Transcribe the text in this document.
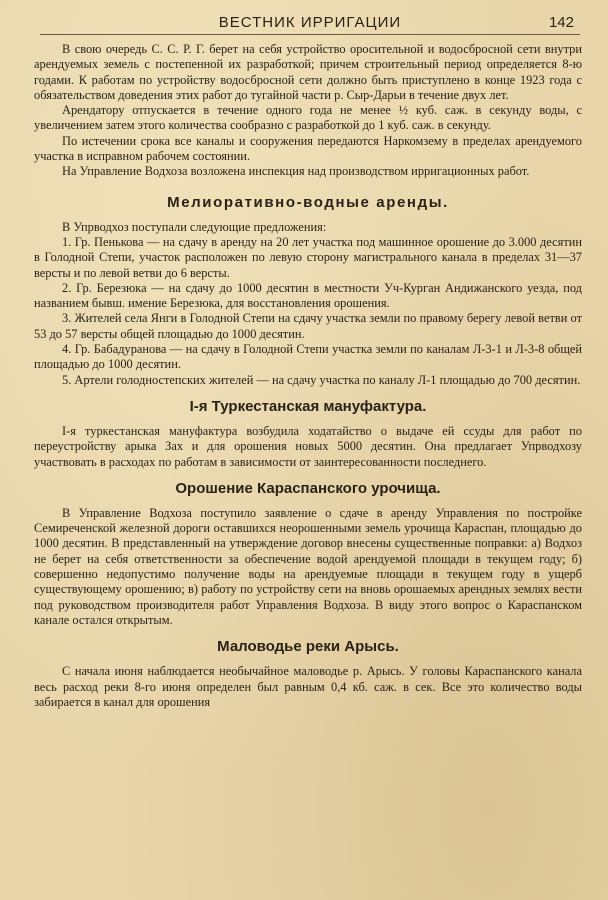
ВЕСТНИК ИРРИГАЦИИ	142

В свою очередь С. С. Р. Г. берет на себя устройство оросительной и водосбросной сети внутри арендуемых земель с постепенной их разработкой; причем строительный период определяется 8-ю годами. К работам по устройству водосбросной сети должно быть приступлено в конце 1923 года с обязательством доведения этих работ до тугайной части р. Сыр-Дарьи в течение двух лет.

Арендатору отпускается в течение одного года не менее ½ куб. саж. в секунду воды, с увеличением затем этого количества сообразно с разработкой до 1 куб. саж. в секунду.

По истечении срока все каналы и сооружения передаются Наркомзему в пределах арендуемого участка в исправном рабочем состоянии.

На Управление Водхоза возложена инспекция над производством ирригационных работ.

Мелиоративно-водные аренды.

В Упрводхоз поступали следующие предложения:

1. Гр. Пенькова — на сдачу в аренду на 20 лет участка под машинное орошение до 3.000 десятин в Голодной Степи, участок расположен по левую сторону магистрального канала в пределах 31—37 версты и по левой ветви до 6 версты.

2. Гр. Березюка — на сдачу до 1000 десятин в местности Уч-Курган Андижанского уезда, под названием бывш. имение Березюка, для восстановления орошения.

3. Жителей села Янги в Голодной Степи на сдачу участка земли по правому берегу левой ветви от 53 до 57 версты общей площадью до 1000 десятин.

4. Гр. Бабадуранова — на сдачу в Голодной Степи участка земли по каналам Л-3-1 и Л-3-8 общей площадью до 1000 десятин.

5. Артели голодностепских жителей — на сдачу участка по каналу Л-1 площадью до 700 десятин.

I-я Туркестанская мануфактура.

I-я туркестанская мануфактура возбудила ходатайство о выдаче ей ссуды для работ по переустройству арыка Зах и для орошения новых 5000 десятин. Она предлагает Упрводхозу участвовать в расходах по работам в зависимости от заинтересованности последнего.

Орошение Караспанского урочища.

В Управление Водхоза поступило заявление о сдаче в аренду Управления по постройке Семиреченской железной дороги оставшихся неорошенными земель урочища Караспан, площадью до 1000 десятин. В представленный на утверждение договор внесены существенные поправки: а) Водхоз не берет на себя ответственности за обеспечение водой арендуемой площади в текущем году; б) совершенно недопустимо получение воды на арендуемые площади в текущем году в ущерб существующему орошению; в) работу по устройству сети на вновь орошаемых арендных землях вести под руководством производителя работ Управления Водхоза. В виду этого вопрос о Караспанском канале остался открытым.

Маловодье реки Арысь.

С начала июня наблюдается необычайное маловодье р. Арысь. У головы Караспанского канала весь расход реки 8-го июня определен был равным 0,4 кб. саж. в сек. Все это количество воды забирается в канал для орошения
